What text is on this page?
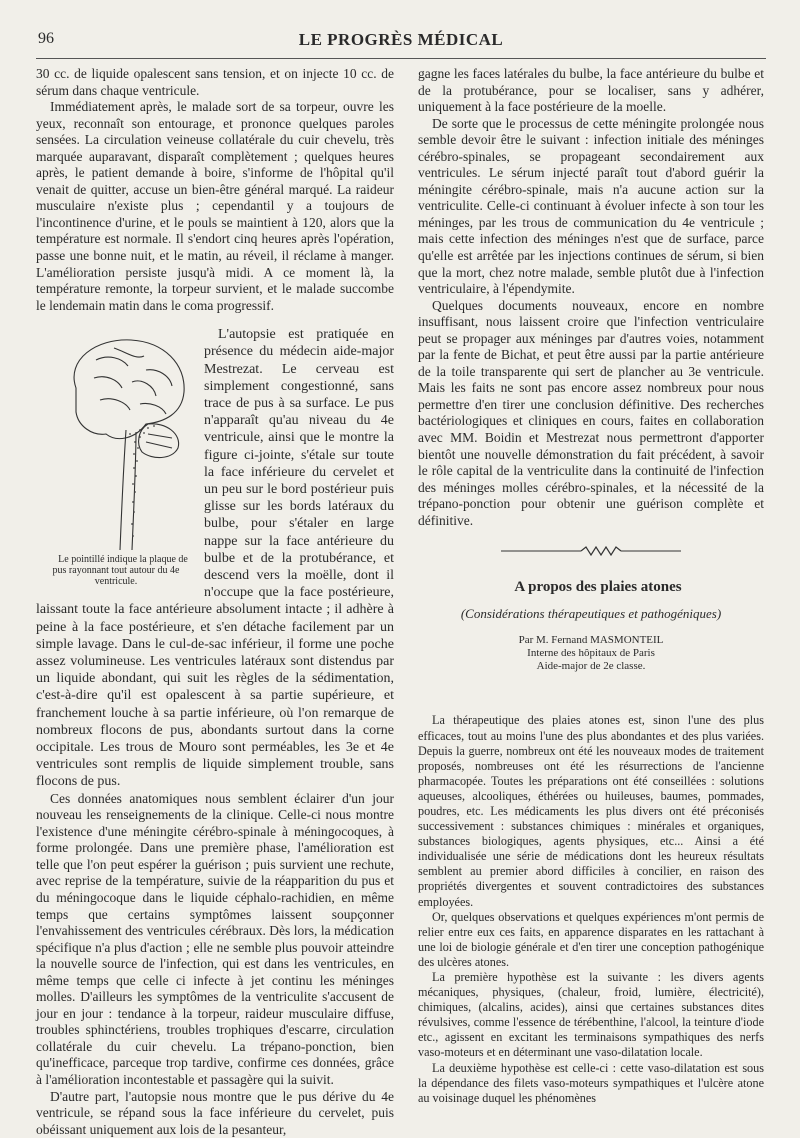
96	LE PROGRÈS MÉDICAL

30 cc. de liquide opalescent sans tension, et on injecte 10 cc. de sérum dans chaque ventricule.

Immédiatement après, le malade sort de sa torpeur, ouvre les yeux, reconnaît son entourage, et prononce quelques paroles sensées. La circulation veineuse collatérale du cuir chevelu, très marquée auparavant, disparaît complètement ; quelques heures après, le patient demande à boire, s'informe de l'hôpital qu'il venait de quitter, accuse un bien-être général marqué. La raideur musculaire n'existe plus ; cependantil y a toujours de l'incontinence d'urine, et le pouls se maintient à 120, alors que la température est normale. Il s'endort cinq heures après l'opération, passe une bonne nuit, et le matin, au réveil, il réclame à manger. L'amélioration persiste jusqu'à midi. A ce moment là, la température remonte, la torpeur survient, et le malade succombe le lendemain matin dans le coma progressif.

Le pointillé indique la plaque de pus rayonnant tout autour du 4e ventricule.
L'autopsie est pratiquée en présence du médecin aide-major Mestrezat. Le cerveau est simplement congestionné, sans trace de pus à sa surface. Le pus n'apparaît qu'au niveau du 4e ventricule, ainsi que le montre la figure ci-jointe, s'étale sur toute la face inférieure du cervelet et un peu sur le bord postérieur puis glisse sur les bords latéraux du bulbe, pour s'étaler en large nappe sur la face antérieure du bulbe et de la protubérance, et descend vers la moëlle, dont il n'occupe que la face postérieure, laissant toute la face antérieure absolument intacte ; il adhère à peine à la face postérieure, et s'en détache facilement par un simple lavage. Dans le cul-de-sac inférieur, il forme une poche assez volumineuse. Les ventricules latéraux sont distendus par un liquide abondant, qui suit les règles de la sédimentation, c'est-à-dire qu'il est opalescent à sa partie supérieure, et franchement louche à sa partie inférieure, où l'on remarque de nombreux flocons de pus, abondants surtout dans la corne occipitale. Les trous de Mouro sont perméables, les 3e et 4e ventricules sont remplis de liquide simplement trouble, sans flocons de pus.

Ces données anatomiques nous semblent éclairer d'un jour nouveau les renseignements de la clinique. Celle-ci nous montre l'existence d'une méningite cérébro-spinale à méningocoques, à forme prolongée. Dans une première phase, l'amélioration est telle que l'on peut espérer la guérison ; puis survient une rechute, avec reprise de la température, suivie de la réapparition du pus et du méningocoque dans le liquide céphalo-rachidien, en même temps que certains symptômes laissent soupçonner l'envahissement des ventricules cérébraux. Dès lors, la médication spécifique n'a plus d'action ; elle ne semble plus pouvoir atteindre la nouvelle source de l'infection, qui est dans les ventricules, en même temps que celle ci infecte à jet continu les méninges molles. D'ailleurs les symptômes de la ventriculite s'accusent de jour en jour : tendance à la torpeur, raideur musculaire diffuse, troubles sphinctériens, troubles trophiques d'escarre, circulation collatérale du cuir chevelu. La trépano-ponction, bien qu'inefficace, parceque trop tardive, confirme ces données, grâce à l'amélioration incontestable et passagère qui la suivit.

D'autre part, l'autopsie nous montre que le pus dérive du 4e ventricule, se répand sous la face inférieure du cervelet, puis obéissant uniquement aux lois de la pesanteur,

gagne les faces latérales du bulbe, la face antérieure du bulbe et de la protubérance, pour se localiser, sans y adhérer, uniquement à la face postérieure de la moelle.

De sorte que le processus de cette méningite prolongée nous semble devoir être le suivant : infection initiale des méninges cérébro-spinales, se propageant secondairement aux ventricules. Le sérum injecté paraît tout d'abord guérir la méningite cérébro-spinale, mais n'a aucune action sur la ventriculite. Celle-ci continuant à évoluer infecte à son tour les méninges, par les trous de communication du 4e ventricule ; mais cette infection des méninges n'est que de surface, parce qu'elle est arrêtée par les injections continues de sérum, si bien que la mort, chez notre malade, semble plutôt due à l'infection ventriculaire, à l'épendymite.

Quelques documents nouveaux, encore en nombre insuffisant, nous laissent croire que l'infection ventriculaire peut se propager aux méninges par d'autres voies, notamment par la fente de Bichat, et peut être aussi par la partie antérieure de la toile transparente qui sert de plancher au 3e ventricule. Mais les faits ne sont pas encore assez nombreux pour nous permettre d'en tirer une conclusion définitive. Des recherches bactériologiques et cliniques en cours, faites en collaboration avec MM. Boidin et Mestrezat nous permettront d'apporter bientôt une nouvelle démonstration du fait précédent, à savoir le rôle capital de la ventriculite dans la continuité de l'infection des méninges molles cérébro-spinales, et la nécessité de la trépano-ponction pour obtenir une guérison complète et définitive.

A propos des plaies atones

(Considérations thérapeutiques et pathogéniques)
Par M. Fernand MASMONTEIL
Interne des hôpitaux de Paris
Aide-major de 2e classe.

La thérapeutique des plaies atones est, sinon l'une des plus efficaces, tout au moins l'une des plus abondantes et des plus variées. Depuis la guerre, nombreux ont été les nouveaux modes de traitement proposés, nombreuses ont été les résurrections de l'ancienne pharmacopée. Toutes les préparations ont été conseillées : solutions aqueuses, alcooliques, éthérées ou huileuses, baumes, pommades, poudres, etc. Les médicaments les plus divers ont été préconisés successivement : substances chimiques : minérales et organiques, substances biologiques, agents physiques, etc... Ainsi a été individualisée une série de médications dont les heureux résultats semblent au premier abord difficiles à concilier, en raison des propriétés divergentes et souvent contradictoires des substances employées.

Or, quelques observations et quelques expériences m'ont permis de relier entre eux ces faits, en apparence disparates en les rattachant à une loi de biologie générale et d'en tirer une conception pathogénique des ulcères atones.

La première hypothèse est la suivante : les divers agents mécaniques, physiques, (chaleur, froid, lumière, électricité), chimiques, (alcalins, acides), ainsi que certaines substances dites révulsives, comme l'essence de térébenthine, l'alcool, la teinture d'iode etc., agissent en excitant les terminaisons sympathiques des nerfs vaso-moteurs et en déterminant une vaso-dilatation locale.

La deuxième hypothèse est celle-ci : cette vaso-dilatation est sous la dépendance des filets vaso-moteurs sympathiques et l'ulcère atone au voisinage duquel les phénomènes
